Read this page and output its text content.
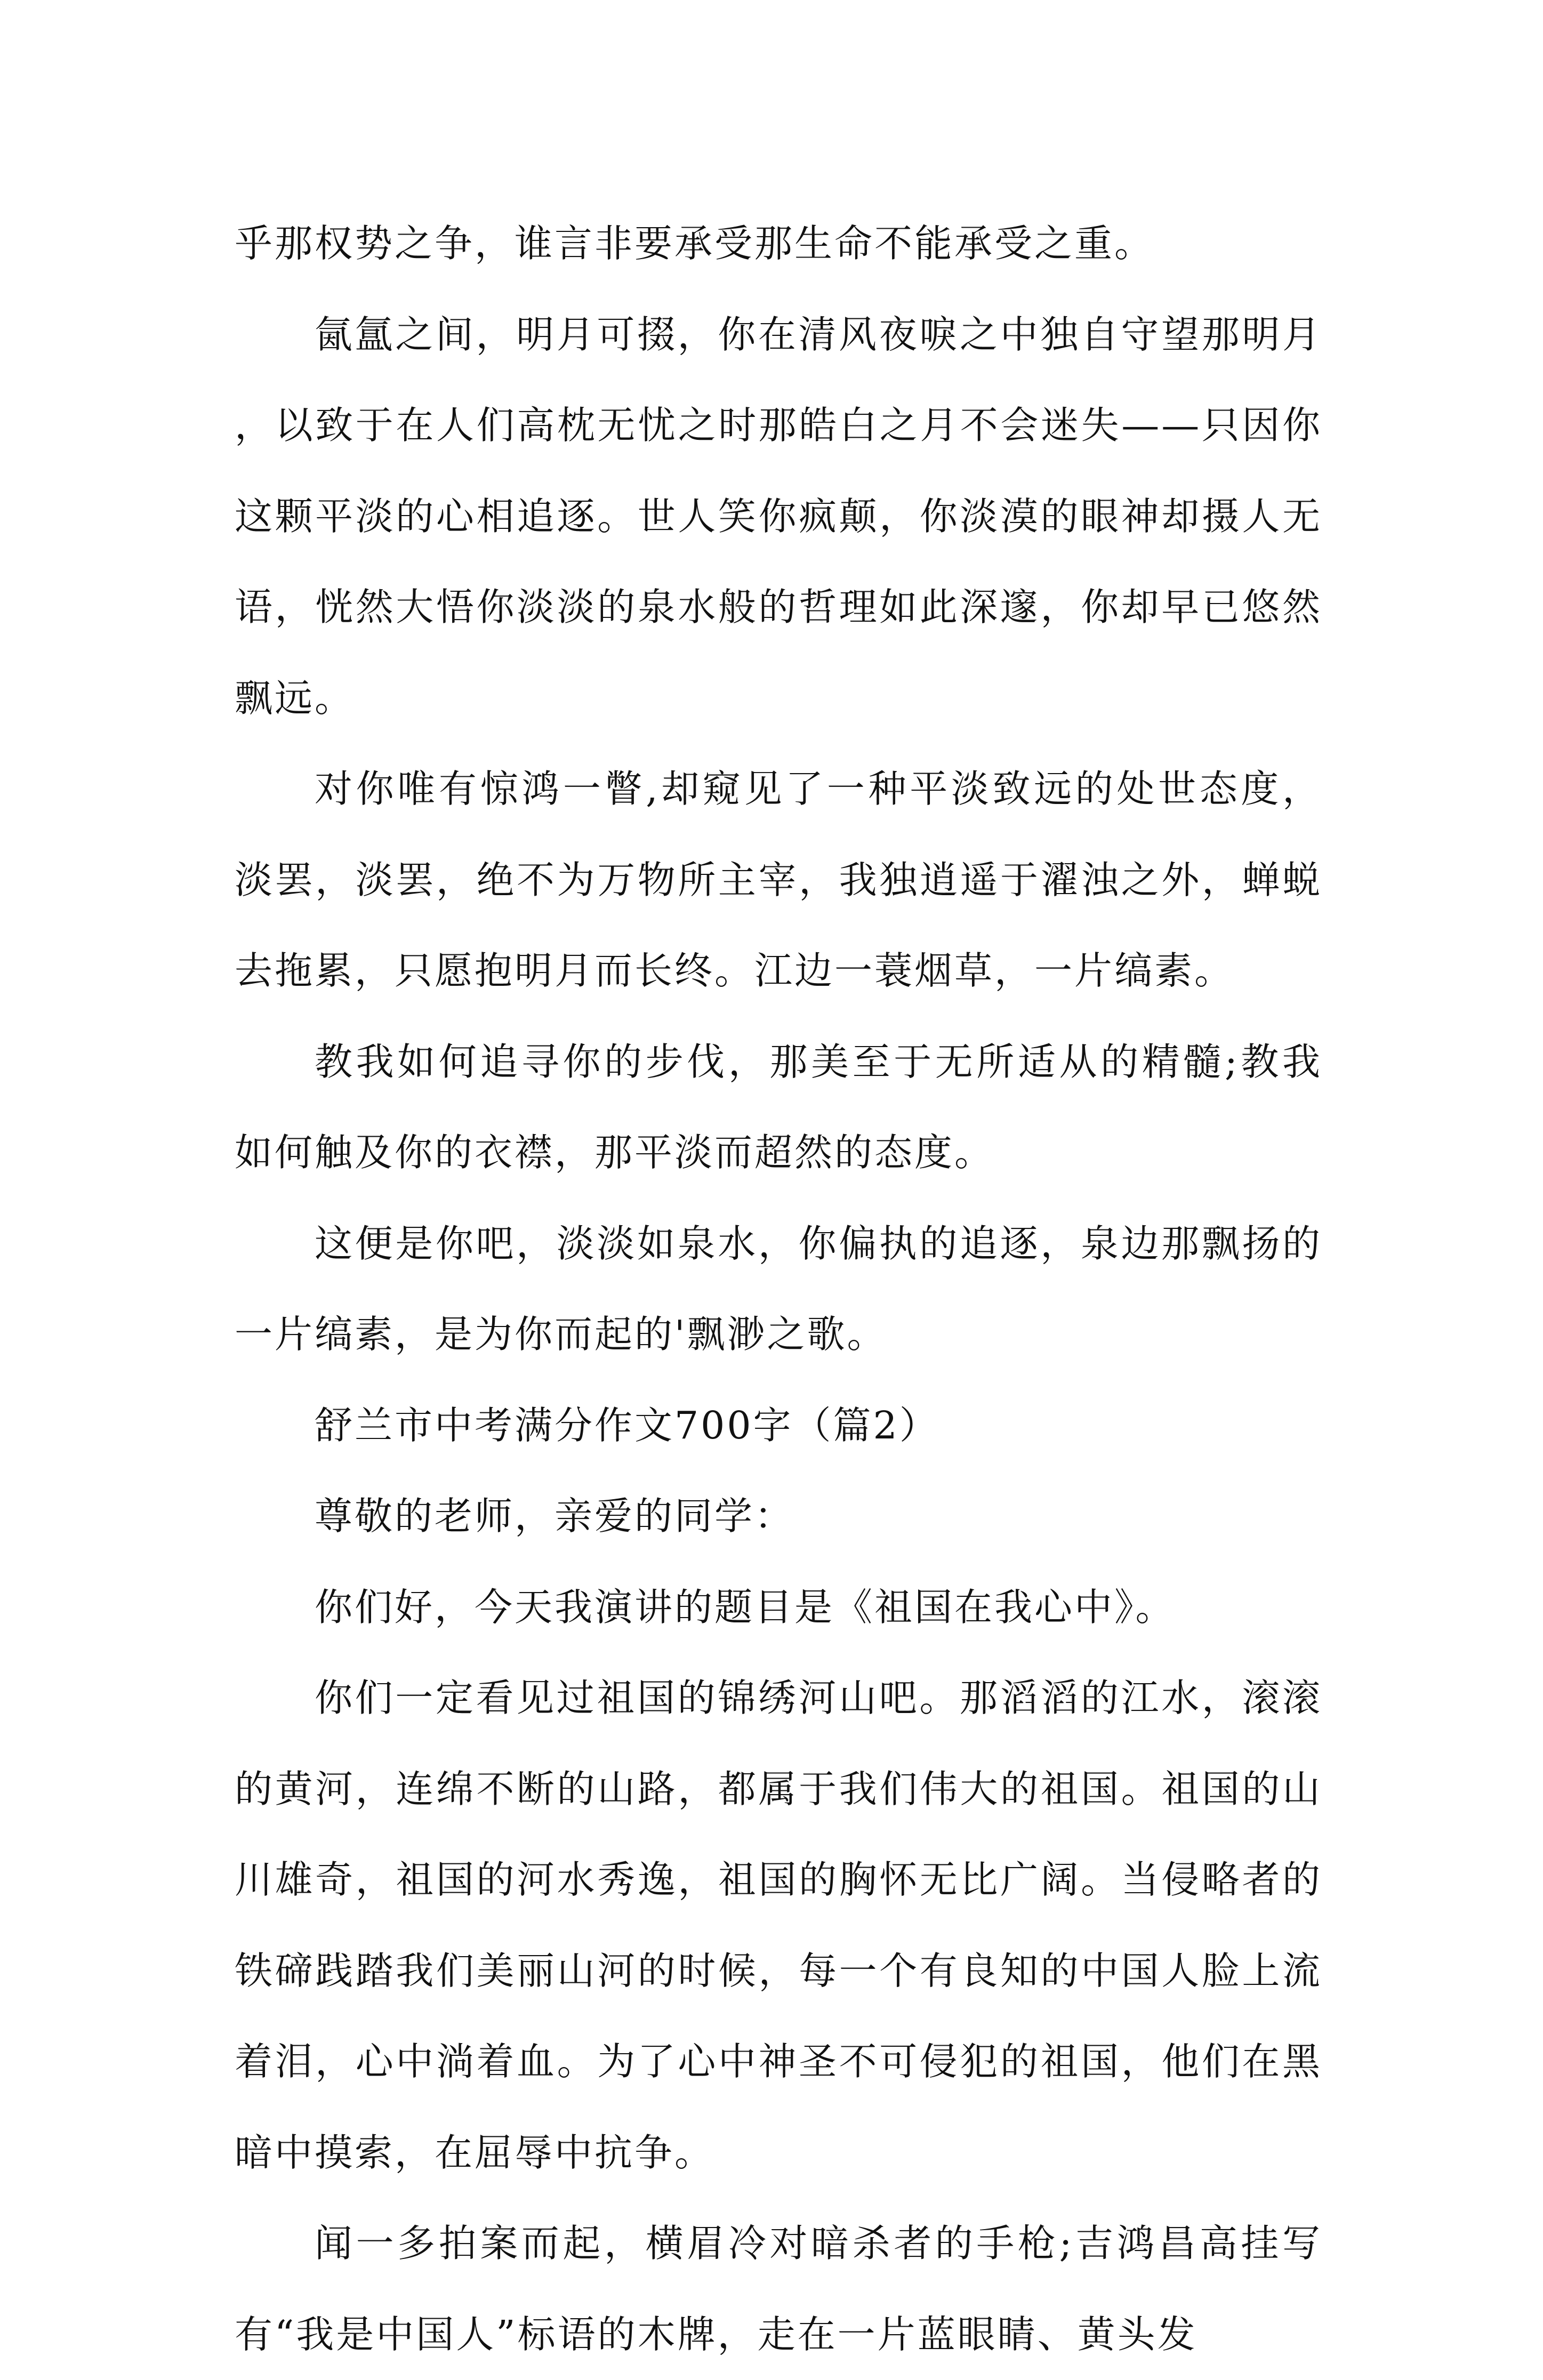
乎那权势之争，谁言非要承受那生命不能承受之重。

氤氲之间，明月可掇，你在清风夜唳之中独自守望那明月，以致于在人们高枕无忧之时那皓白之月不会迷失——只因你这颗平淡的心相追逐。世人笑你疯颠，你淡漠的眼神却摄人无语，恍然大悟你淡淡的泉水般的哲理如此深邃，你却早已悠然飘远。

对你唯有惊鸿一瞥,却窥见了一种平淡致远的处世态度，淡罢，淡罢，绝不为万物所主宰，我独逍遥于濯浊之外，蝉蜕去拖累，只愿抱明月而长终。江边一蓑烟草，一片缟素。

教我如何追寻你的步伐，那美至于无所适从的精髓;教我如何触及你的衣襟，那平淡而超然的态度。

这便是你吧，淡淡如泉水，你偏执的追逐，泉边那飘扬的一片缟素，是为你而起的'飘渺之歌。

舒兰市中考满分作文700字（篇2）

尊敬的老师，亲爱的同学：

你们好，今天我演讲的题目是《祖国在我心中》。

你们一定看见过祖国的锦绣河山吧。那滔滔的江水，滚滚的黄河，连绵不断的山路，都属于我们伟大的祖国。祖国的山川雄奇，祖国的河水秀逸，祖国的胸怀无比广阔。当侵略者的铁碲践踏我们美丽山河的时候，每一个有良知的中国人脸上流着泪，心中淌着血。为了心中神圣不可侵犯的祖国，他们在黑暗中摸索，在屈辱中抗争。

闻一多拍案而起，横眉冷对暗杀者的手枪;吉鸿昌高挂写有“我是中国人”标语的木牌，走在一片蓝眼睛、黄头发
